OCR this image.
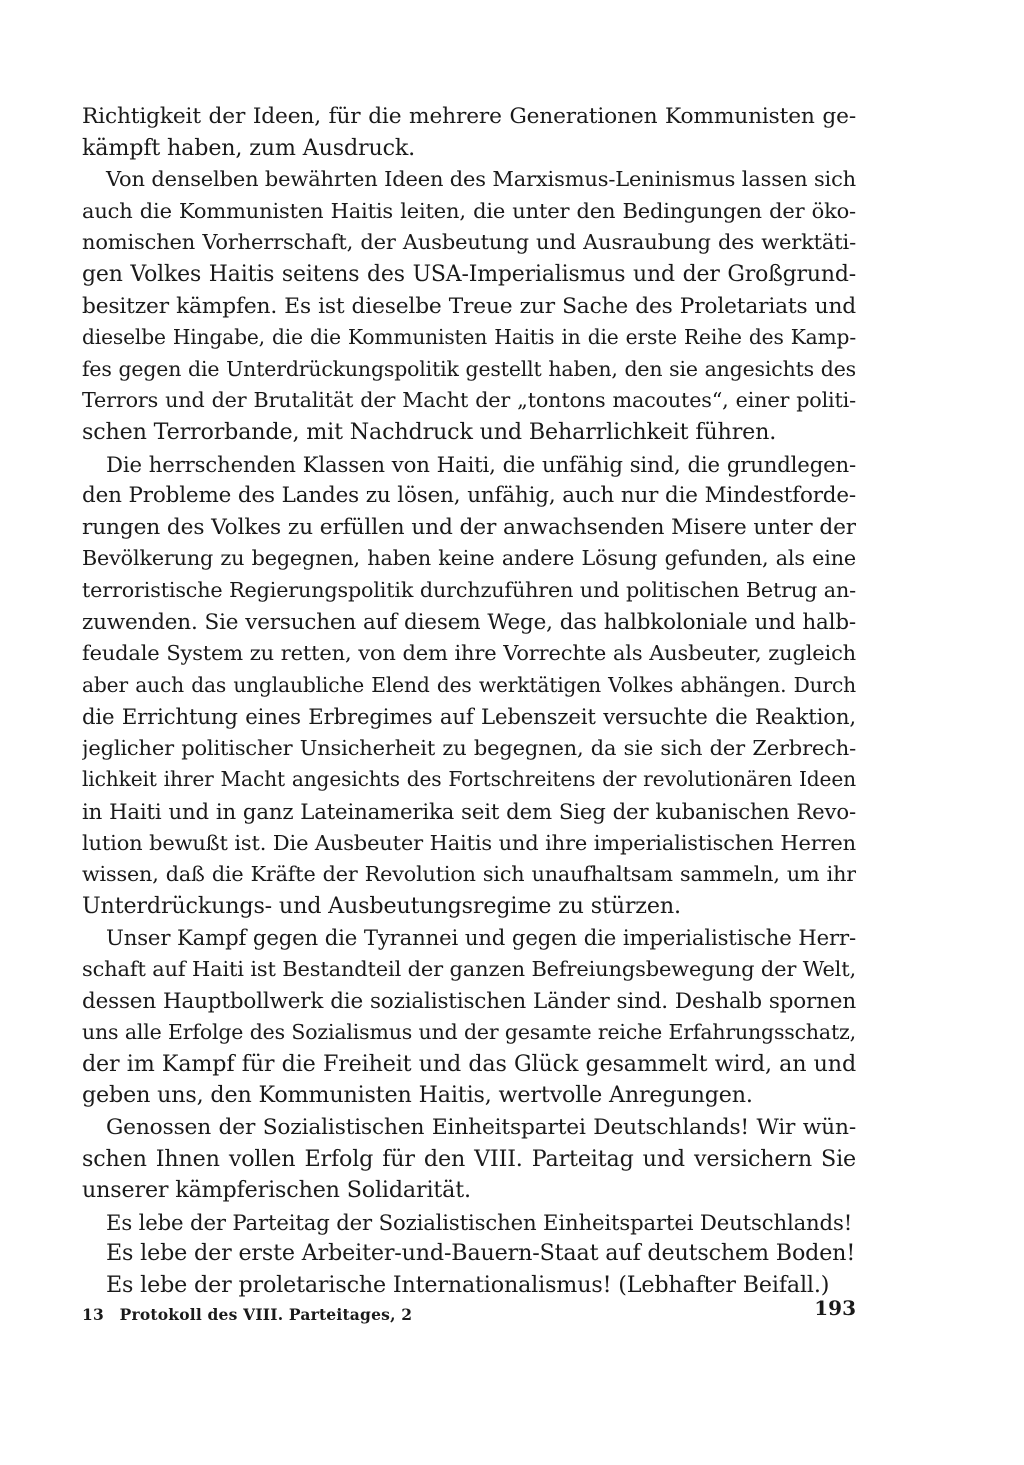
Richtigkeit der Ideen, für die mehrere Generationen Kommunisten ge-
kämpft haben, zum Ausdruck.
Von denselben bewährten Ideen des Marxismus-Leninismus lassen sich
auch die Kommunisten Haitis leiten, die unter den Bedingungen der öko-
nomischen Vorherrschaft, der Ausbeutung und Ausraubung des werktäti-
gen Volkes Haitis seitens des USA-Imperialismus und der Großgrund-
besitzer kämpfen. Es ist dieselbe Treue zur Sache des Proletariats und
dieselbe Hingabe, die die Kommunisten Haitis in die erste Reihe des Kamp-
fes gegen die Unterdrückungspolitik gestellt haben, den sie angesichts des
Terrors und der Brutalität der Macht der „tontons macoutes“, einer politi-
schen Terrorbande, mit Nachdruck und Beharrlichkeit führen.
Die herrschenden Klassen von Haiti, die unfähig sind, die grundlegen-
den Probleme des Landes zu lösen, unfähig, auch nur die Mindestforde-
rungen des Volkes zu erfüllen und der anwachsenden Misere unter der
Bevölkerung zu begegnen, haben keine andere Lösung gefunden, als eine
terroristische Regierungspolitik durchzuführen und politischen Betrug an-
zuwenden. Sie versuchen auf diesem Wege, das halbkoloniale und halb-
feudale System zu retten, von dem ihre Vorrechte als Ausbeuter, zugleich
aber auch das unglaubliche Elend des werktätigen Volkes abhängen. Durch
die Errichtung eines Erbregimes auf Lebenszeit versuchte die Reaktion,
jeglicher politischer Unsicherheit zu begegnen, da sie sich der Zerbrech-
lichkeit ihrer Macht angesichts des Fortschreitens der revolutionären Ideen
in Haiti und in ganz Lateinamerika seit dem Sieg der kubanischen Revo-
lution bewußt ist. Die Ausbeuter Haitis und ihre imperialistischen Herren
wissen, daß die Kräfte der Revolution sich unaufhaltsam sammeln, um ihr
Unterdrückungs- und Ausbeutungsregime zu stürzen.
Unser Kampf gegen die Tyrannei und gegen die imperialistische Herr-
schaft auf Haiti ist Bestandteil der ganzen Befreiungsbewegung der Welt,
dessen Hauptbollwerk die sozialistischen Länder sind. Deshalb spornen
uns alle Erfolge des Sozialismus und der gesamte reiche Erfahrungsschatz,
der im Kampf für die Freiheit und das Glück gesammelt wird, an und
geben uns, den Kommunisten Haitis, wertvolle Anregungen.
Genossen der Sozialistischen Einheitspartei Deutschlands! Wir wün-
schen Ihnen vollen Erfolg für den VIII. Parteitag und versichern Sie
unserer kämpferischen Solidarität.
Es lebe der Parteitag der Sozialistischen Einheitspartei Deutschlands!
Es lebe der erste Arbeiter-und-Bauern-Staat auf deutschem Boden!
Es lebe der proletarische Internationalismus! (Lebhafter Beifall.)
13 Protokoll des VIII. Parteitages, 2	193
